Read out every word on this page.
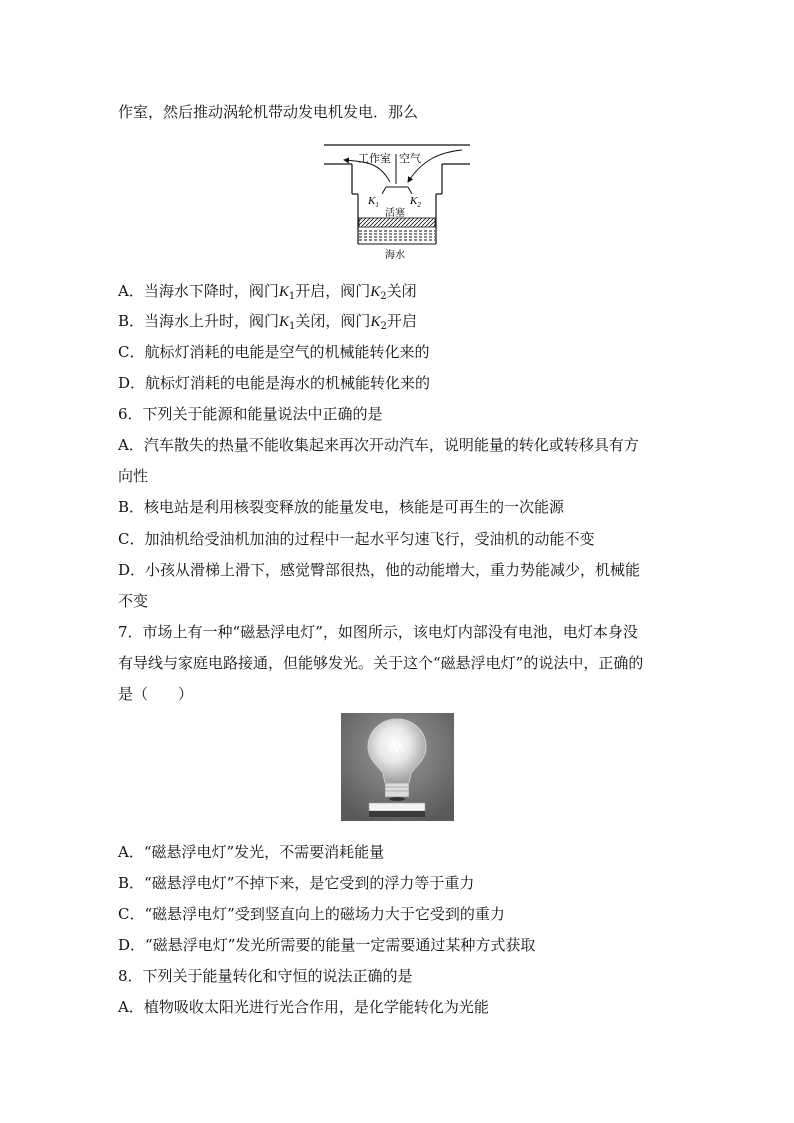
作室，然后推动涡轮机带动发电机发电．那么
工作室 空气
$K_1$	$K_2$
活塞
海水
A．当海水下降时，阀门$K_1$开启，阀门$K_2$关闭
B．当海水上升时，阀门$K_1$关闭，阀门$K_2$开启
C．航标灯消耗的电能是空气的机械能转化来的
D．航标灯消耗的电能是海水的机械能转化来的
6．下列关于能源和能量说法中正确的是
A．汽车散失的热量不能收集起来再次开动汽车，说明能量的转化或转移具有方
向性
B．核电站是利用核裂变释放的能量发电，核能是可再生的一次能源
C．加油机给受油机加油的过程中一起水平匀速飞行，受油机的动能不变
D．小孩从滑梯上滑下，感觉臀部很热，他的动能增大，重力势能减少，机械能
不变
7．市场上有一种“磁悬浮电灯”，如图所示，该电灯内部没有电池，电灯本身没
有导线与家庭电路接通，但能够发光。关于这个“磁悬浮电灯”的说法中，正确的
是（　　）
A．“磁悬浮电灯”发光，不需要消耗能量
B．“磁悬浮电灯”不掉下来，是它受到的浮力等于重力
C．“磁悬浮电灯”受到竖直向上的磁场力大于它受到的重力
D．“磁悬浮电灯”发光所需要的能量一定需要通过某种方式获取
8．下列关于能量转化和守恒的说法正确的是
A．植物吸收太阳光进行光合作用，是化学能转化为光能
